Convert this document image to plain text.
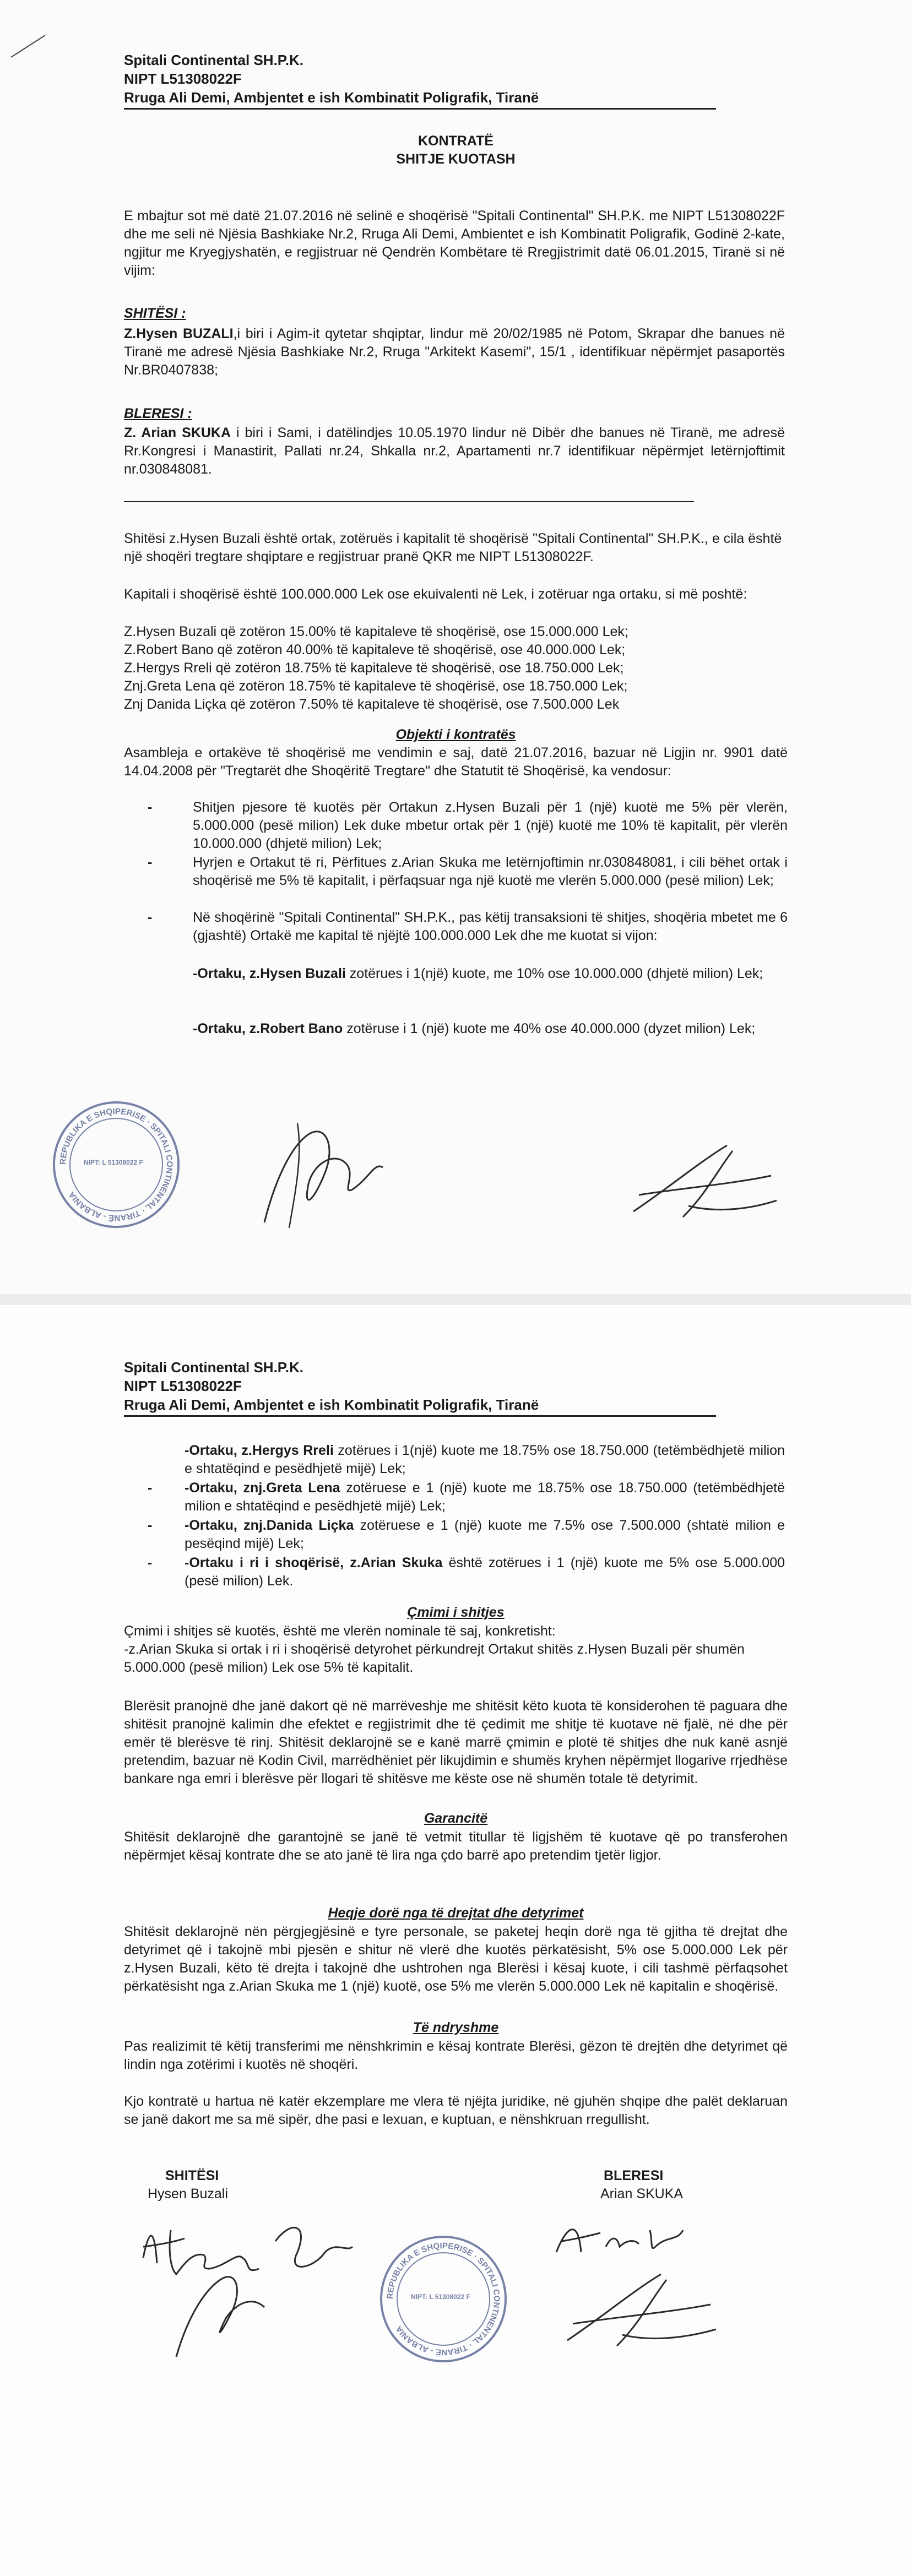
Spitali Continental SH.P.K.
NIPT L51308022F
Rruga Ali Demi, Ambjentet e ish Kombinatit Poligrafik, Tiranë
KONTRATË
SHITJE KUOTASH
E mbajtur sot më datë 21.07.2016 në selinë e shoqërisë "Spitali Continental" SH.P.K. me NIPT L51308022F dhe me seli në Njësia Bashkiake Nr.2, Rruga Ali Demi, Ambientet e ish Kombinatit Poligrafik, Godinë 2-kate, ngjitur me Kryegjyshatën, e regjistruar në Qendrën Kombëtare të Rregjistrimit datë 06.01.2015, Tiranë si në vijim:
SHITËSI :
Z.Hysen BUZALI,i biri i Agim-it qytetar shqiptar, lindur më 20/02/1985 në Potom, Skrapar dhe banues në Tiranë me adresë Njësia Bashkiake Nr.2, Rruga "Arkitekt Kasemi", 15/1 , identifikuar nëpërmjet pasaportës Nr.BR0407838;
BLERESI :
Z. Arian SKUKA i biri i Sami, i datëlindjes 10.05.1970 lindur në Dibër dhe banues në Tiranë, me adresë Rr.Kongresi i Manastirit, Pallati nr.24, Shkalla nr.2, Apartamenti nr.7 identifikuar nëpërmjet letërnjoftimit nr.030848081.
Shitësi z.Hysen Buzali është ortak, zotëruës i kapitalit të shoqërisë "Spitali Continental" SH.P.K., e cila është një shoqëri tregtare shqiptare e regjistruar pranë QKR me NIPT L51308022F.
Kapitali i shoqërisë është 100.000.000 Lek ose ekuivalenti në Lek, i zotëruar nga ortaku, si më poshtë:
Z.Hysen Buzali që zotëron 15.00% të kapitaleve të shoqërisë, ose 15.000.000 Lek;
Z.Robert Bano që zotëron 40.00% të kapitaleve të shoqërisë, ose 40.000.000 Lek;
Z.Hergys Rreli që zotëron 18.75% të kapitaleve të shoqërisë, ose 18.750.000 Lek;
Znj.Greta Lena që zotëron 18.75% të kapitaleve të shoqërisë, ose 18.750.000 Lek;
Znj Danida Liçka që zotëron 7.50% të kapitaleve të shoqërisë, ose 7.500.000 Lek
Objekti i kontratës
Asambleja e ortakëve të shoqërisë me vendimin e saj, datë 21.07.2016, bazuar në Ligjin nr. 9901 datë 14.04.2008 për "Tregtarët dhe Shoqëritë Tregtare" dhe Statutit të Shoqërisë, ka vendosur:
-	Shitjen pjesore të kuotës për Ortakun z.Hysen Buzali për 1 (një) kuotë me 5% për vlerën, 5.000.000 (pesë milion) Lek duke mbetur ortak për 1 (një) kuotë me 10% të kapitalit, për vlerën 10.000.000 (dhjetë milion) Lek;
-	Hyrjen e Ortakut të ri, Përfitues z.Arian Skuka me letërnjoftimin nr.030848081, i cili bëhet ortak i shoqërisë me 5% të kapitalit, i përfaqsuar nga një kuotë me vlerën 5.000.000 (pesë milion) Lek;
-	Në shoqërinë "Spitali Continental" SH.P.K., pas këtij transaksioni të shitjes, shoqëria mbetet me 6 (gjashtë) Ortakë me kapital të njëjtë 100.000.000 Lek dhe me kuotat si vijon:
-Ortaku, z.Hysen Buzali zotërues i 1(një) kuote, me 10% ose 10.000.000 (dhjetë milion) Lek;
-Ortaku, z.Robert Bano zotëruse i 1 (një) kuote me 40% ose 40.000.000 (dyzet milion) Lek;
REPUBLIKA E SHQIPERISE · SPITALI CONTINENTAL · TIRANË - ALBANIA
NIPT: L 51308022 F
Spitali Continental SH.P.K.
NIPT L51308022F
Rruga Ali Demi, Ambjentet e ish Kombinatit Poligrafik, Tiranë
-Ortaku, z.Hergys Rreli zotërues i 1(një) kuote me 18.75% ose 18.750.000 (tetëmbëdhjetë milion e shtatëqind e pesëdhjetë mijë) Lek;
- -Ortaku, znj.Greta Lena zotëruese e 1 (një) kuote me 18.75% ose 18.750.000 (tetëmbëdhjetë milion e shtatëqind e pesëdhjetë mijë) Lek;
- -Ortaku, znj.Danida Liçka zotëruese e 1 (një) kuote me 7.5% ose 7.500.000 (shtatë milion e pesëqind mijë) Lek;
- -Ortaku i ri i shoqërisë, z.Arian Skuka është zotërues i 1 (një) kuote me 5% ose 5.000.000 (pesë milion) Lek.
Çmimi i shitjes
Çmimi i shitjes së kuotës, është me vlerën nominale të saj, konkretisht:
-z.Arian Skuka si ortak i ri i shoqërisë detyrohet përkundrejt Ortakut shitës z.Hysen Buzali për shumën 5.000.000 (pesë milion) Lek ose 5% të kapitalit.
Blerësit pranojnë dhe janë dakort që në marrëveshje me shitësit këto kuota të konsiderohen të paguara dhe shitësit pranojnë kalimin dhe efektet e regjistrimit dhe të çedimit me shitje të kuotave në fjalë, në dhe për emër të blerësve të rinj. Shitësit deklarojnë se e kanë marrë çmimin e plotë të shitjes dhe nuk kanë asnjë pretendim, bazuar në Kodin Civil, marrëdhëniet për likujdimin e shumës kryhen nëpërmjet llogarive rrjedhëse bankare nga emri i blerësve për llogari të shitësve me këste ose në shumën totale të detyrimit.
Garancitë
Shitësit deklarojnë dhe garantojnë se janë të vetmit titullar të ligjshëm të kuotave që po transferohen nëpërmjet kësaj kontrate dhe se ato janë të lira nga çdo barrë apo pretendim tjetër ligjor.
Heqje dorë nga të drejtat dhe detyrimet
Shitësit deklarojnë nën përgjegjësinë e tyre personale, se paketej heqin dorë nga të gjitha të drejtat dhe detyrimet që i takojnë mbi pjesën e shitur në vlerë dhe kuotës përkatësisht, 5% ose 5.000.000 Lek për z.Hysen Buzali, këto të drejta i takojnë dhe ushtrohen nga Blerësi i kësaj kuote, i cili tashmë përfaqsohet përkatësisht nga z.Arian Skuka me 1 (një) kuotë, ose 5% me vlerën 5.000.000 Lek në kapitalin e shoqërisë.
Të ndryshme
Pas realizimit të këtij transferimi me nënshkrimin e kësaj kontrate Blerësi, gëzon të drejtën dhe detyrimet që lindin nga zotërimi i kuotës në shoqëri.
Kjo kontratë u hartua në katër ekzemplare me vlera të njëjta juridike, në gjuhën shqipe dhe palët deklaruan se janë dakort me sa më sipër, dhe pasi e lexuan, e kuptuan, e nënshkruan rregullisht.
SHITËSI
Hysen Buzali
BLERESI
Arian SKUKA
REPUBLIKA E SHQIPERISE · SPITALI CONTINENTAL · TIRANË - ALBANIA
NIPT: L 51308022 F
